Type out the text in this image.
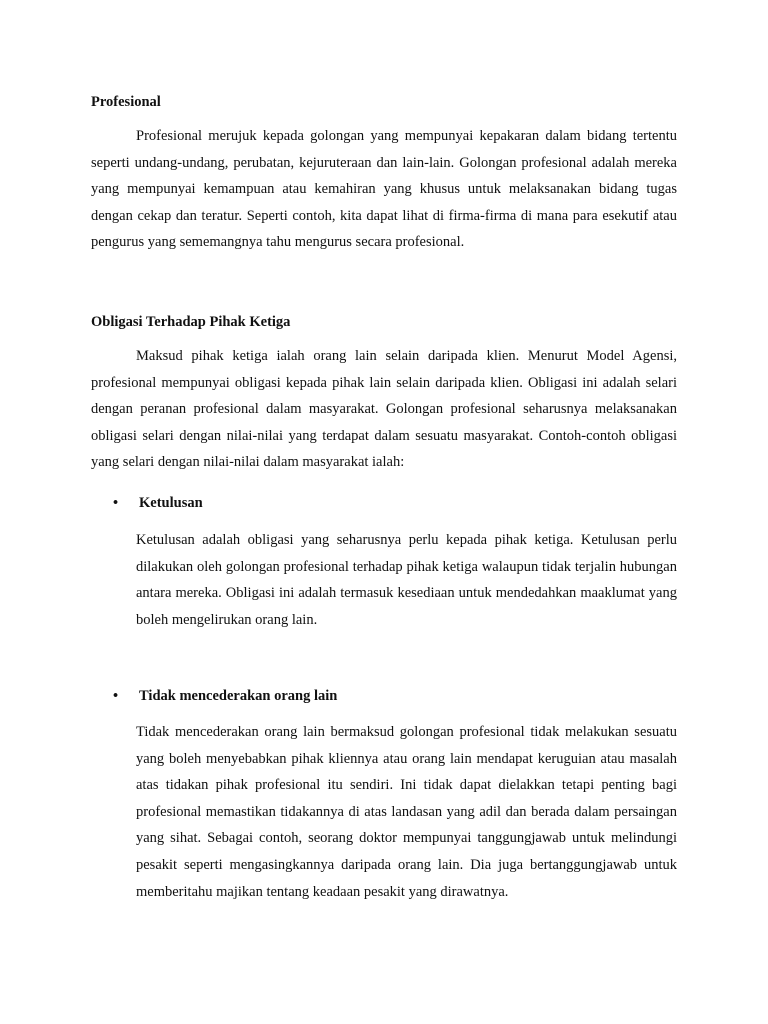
Profesional

Profesional merujuk kepada golongan yang mempunyai kepakaran dalam bidang tertentu seperti undang-undang, perubatan, kejuruteraan dan lain-lain. Golongan profesional adalah mereka yang mempunyai kemampuan atau kemahiran yang khusus untuk melaksanakan bidang tugas dengan cekap dan teratur. Seperti contoh, kita dapat lihat di firma-firma di mana para esekutif atau pengurus yang sememangnya tahu mengurus secara profesional.

Obligasi Terhadap Pihak Ketiga

Maksud pihak ketiga ialah orang lain selain daripada klien. Menurut Model Agensi, profesional mempunyai obligasi kepada pihak lain selain daripada klien. Obligasi ini adalah selari dengan peranan profesional dalam masyarakat. Golongan profesional seharusnya melaksanakan obligasi selari dengan nilai-nilai yang terdapat dalam sesuatu masyarakat. Contoh-contoh obligasi yang selari dengan nilai-nilai dalam masyarakat ialah:

• Ketulusan

Ketulusan adalah obligasi yang seharusnya perlu kepada pihak ketiga. Ketulusan perlu dilakukan oleh golongan profesional terhadap pihak ketiga walaupun tidak terjalin hubungan antara mereka. Obligasi ini adalah termasuk kesediaan untuk mendedahkan maaklumat yang boleh mengelirukan orang lain.

• Tidak mencederakan orang lain

Tidak mencederakan orang lain bermaksud golongan profesional tidak melakukan sesuatu yang boleh menyebabkan pihak kliennya atau orang lain mendapat keruguian atau masalah atas tidakan pihak profesional itu sendiri. Ini tidak dapat dielakkan tetapi penting bagi profesional memastikan tidakannya di atas landasan yang adil dan berada dalam persaingan yang sihat. Sebagai contoh, seorang doktor mempunyai tanggungjawab untuk melindungi pesakit seperti mengasingkannya daripada orang lain. Dia juga bertanggungjawab untuk memberitahu majikan tentang keadaan pesakit yang dirawatnya.
